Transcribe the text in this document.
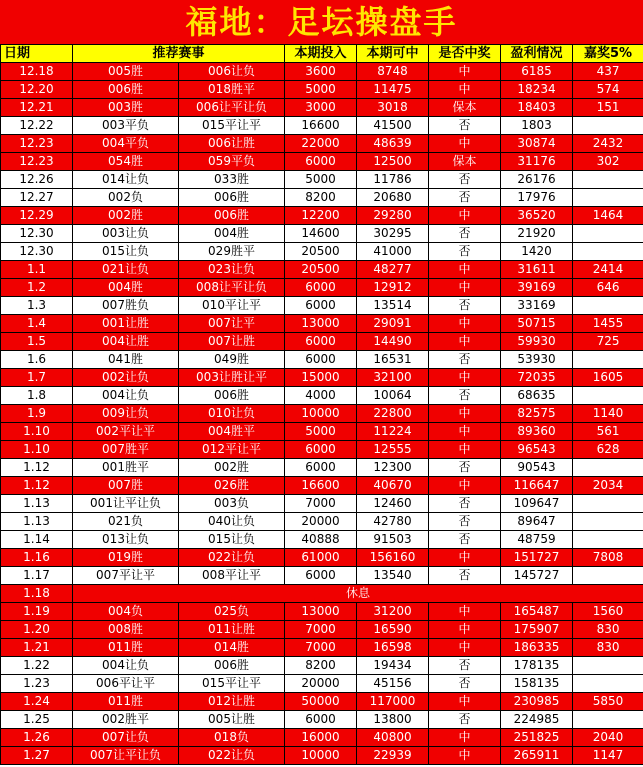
福地：足坛操盘手
日期	推荐赛事		本期投入	本期可中	是否中奖	盈利情况	嘉奖5%
12.18	005胜	006让负	3600	8748	中	6185	437
12.20	006胜	018胜平	5000	11475	中	18234	574
12.21	003胜	006让平让负	3000	3018	保本	18403	151
12.22	003平负	015平让平	16600	41500	否	1803	
12.23	004平负	006让胜	22000	48639	中	30874	2432
12.23	054胜	059平负	6000	12500	保本	31176	302
12.26	014让负	033胜	5000	11786	否	26176	
12.27	002负	006胜	8200	20680	否	17976	
12.29	002胜	006胜	12200	29280	中	36520	1464
12.30	003让负	004胜	14600	30295	否	21920	
12.30	015让负	029胜平	20500	41000	否	1420	
1.1	021让负	023让负	20500	48277	中	31611	2414
1.2	004胜	008让平让负	6000	12912	中	39169	646
1.3	007胜负	010平让平	6000	13514	否	33169	
1.4	001让胜	007让平	13000	29091	中	50715	1455
1.5	004让胜	007让胜	6000	14490	中	59930	725
1.6	041胜	049胜	6000	16531	否	53930	
1.7	002让负	003让胜让平	15000	32100	中	72035	1605
1.8	004让负	006胜	4000	10064	否	68635	
1.9	009让负	010让负	10000	22800	中	82575	1140
1.10	002平让平	004胜平	5000	11224	中	89360	561
1.10	007胜平	012平让平	6000	12555	中	96543	628
1.12	001胜平	002胜	6000	12300	否	90543	
1.12	007胜	026胜	16600	40670	中	116647	2034
1.13	001让平让负	003负	7000	12460	否	109647	
1.13	021负	040让负	20000	42780	否	89647	
1.14	013让负	015让负	40888	91503	否	48759	
1.16	019胜	022让负	61000	156160	中	151727	7808
1.17	007平让平	008平让平	6000	13540	否	145727	
1.18	休息						
1.19	004负	025负	13000	31200	中	165487	1560
1.20	008胜	011让胜	7000	16590	中	175907	830
1.21	011胜	014胜	7000	16598	中	186335	830
1.22	004让负	006胜	8200	19434	否	178135	
1.23	006平让平	015平让平	20000	45156	否	158135	
1.24	011胜	012让胜	50000	117000	中	230985	5850
1.25	002胜平	005让胜	6000	13800	否	224985	
1.26	007让负	018负	16000	40800	中	251825	2040
1.27	007让平让负	022让负	10000	22939	中	265911	1147
